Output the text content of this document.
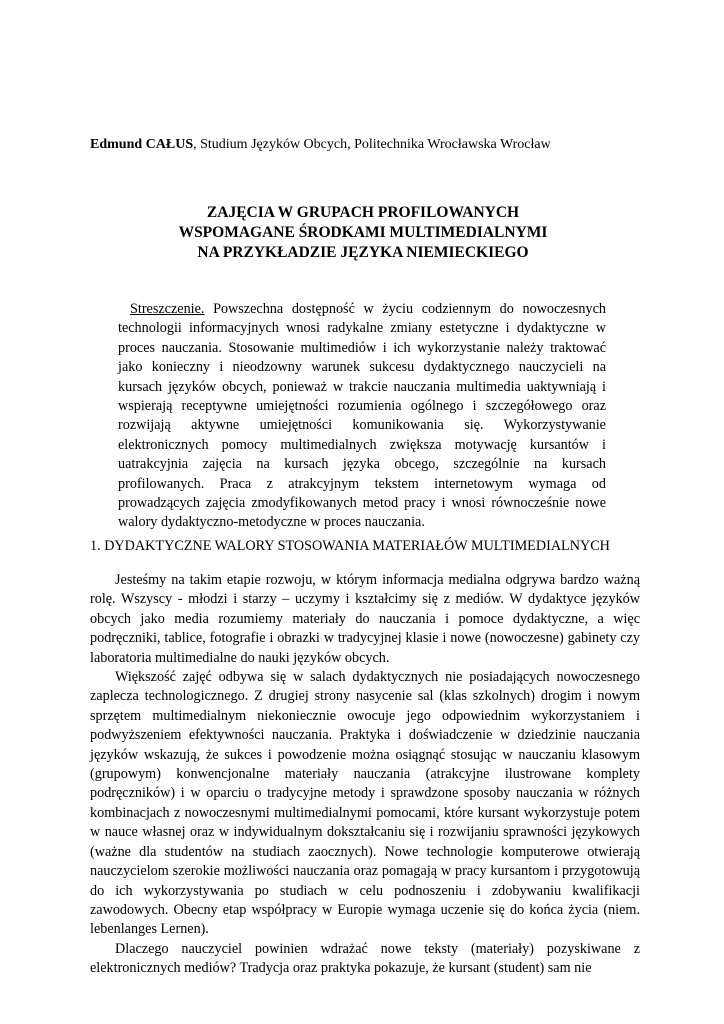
Edmund CAŁUS, Studium Języków Obcych, Politechnika Wrocławska Wrocław
ZAJĘCIA W GRUPACH PROFILOWANYCH
WSPOMAGANE ŚRODKAMI MULTIMEDIALNYMI
NA PRZYKŁADZIE JĘZYKA NIEMIECKIEGO
Streszczenie. Powszechna dostępność w życiu codziennym do nowoczesnych technologii informacyjnych wnosi radykalne zmiany estetyczne i dydaktyczne w proces nauczania. Stosowanie multimediów i ich wykorzystanie należy traktować jako konieczny i nieodzowny warunek sukcesu dydaktycznego nauczycieli na kursach języków obcych, ponieważ w trakcie nauczania multimedia uaktywniają i wspierają receptywne umiejętności rozumienia ogólnego i szczegółowego oraz rozwijają aktywne umiejętności komunikowania się. Wykorzystywanie elektronicznych pomocy multimedialnych zwiększa motywację kursantów i uatrakcyjnia zajęcia na kursach języka obcego, szczególnie na kursach profilowanych. Praca z atrakcyjnym tekstem internetowym wymaga od prowadzących zajęcia zmodyfikowanych metod pracy i wnosi równocześnie nowe walory dydaktyczno-metodyczne w proces nauczania.
1. DYDAKTYCZNE WALORY STOSOWANIA MATERIAŁÓW MULTIMEDIALNYCH

Jesteśmy na takim etapie rozwoju, w którym informacja medialna odgrywa bardzo ważną rolę. Wszyscy - młodzi i starzy – uczymy i kształcimy się z mediów. W dydaktyce języków obcych jako media rozumiemy materiały do nauczania i pomoce dydaktyczne, a więc podręczniki, tablice, fotografie i obrazki w tradycyjnej klasie i nowe (nowoczesne) gabinety czy laboratoria multimedialne do nauki języków obcych.

Większość zajęć odbywa się w salach dydaktycznych nie posiadających nowoczesnego zaplecza technologicznego. Z drugiej strony nasycenie sal (klas szkolnych) drogim i nowym sprzętem multimedialnym niekoniecznie owocuje jego odpowiednim wykorzystaniem i podwyższeniem efektywności nauczania. Praktyka i doświadczenie w dziedzinie nauczania języków wskazują, że sukces i powodzenie można osiągnąć stosując w nauczaniu klasowym (grupowym) konwencjonalne materiały nauczania (atrakcyjne ilustrowane komplety podręczników) i w oparciu o tradycyjne metody i sprawdzone sposoby nauczania w różnych kombinacjach z nowoczesnymi multimedialnymi pomocami, które kursant wykorzystuje potem w nauce własnej oraz w indywidualnym dokształcaniu się i rozwijaniu sprawności językowych (ważne dla studentów na studiach zaocznych). Nowe technologie komputerowe otwierają nauczycielom szerokie możliwości nauczania oraz pomagają w pracy kursantom i przygotowują do ich wykorzystywania po studiach w celu podnoszeniu i zdobywaniu kwalifikacji zawodowych. Obecny etap współpracy w Europie wymaga uczenie się do końca życia (niem. lebenlanges Lernen).

Dlaczego nauczyciel powinien wdrażać nowe teksty (materiały) pozyskiwane z elektronicznych mediów? Tradycja oraz praktyka pokazuje, że kursant (student) sam nie
